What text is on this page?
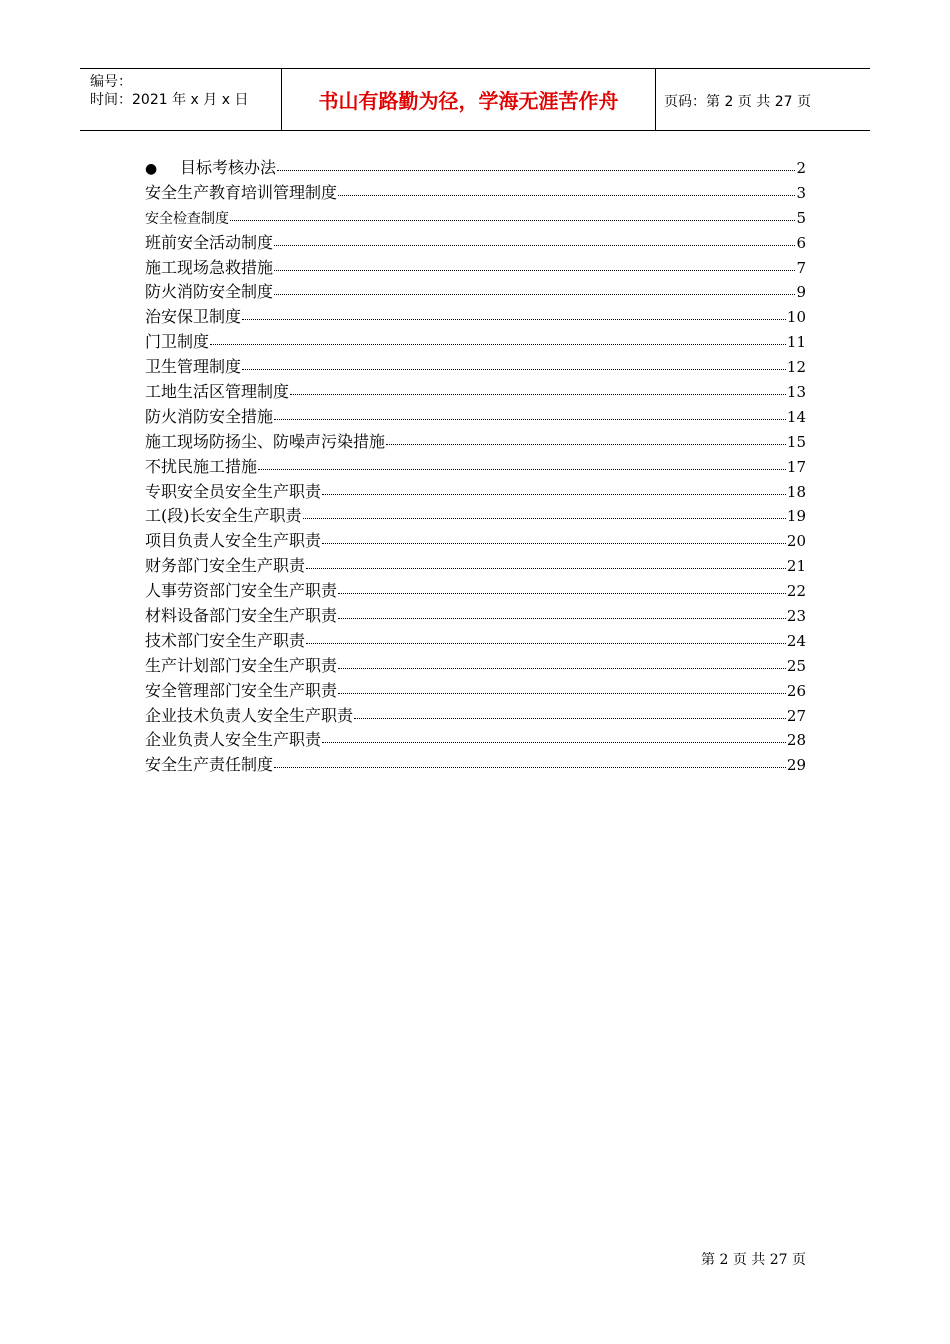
编号：
时间：2021 年 x 月 x 日	书山有路勤为径，学海无涯苦作舟	页码：第 2 页 共 27 页
●	目标考核办法	2
安全生产教育培训管理制度	3
安全检查制度	5
班前安全活动制度	6
施工现场急救措施	7
防火消防安全制度	9
治安保卫制度	10
门卫制度	11
卫生管理制度	12
工地生活区管理制度	13
防火消防安全措施	14
施工现场防扬尘、防噪声污染措施	15
不扰民施工措施	17
专职安全员安全生产职责	18
工(段)长安全生产职责	19
项目负责人安全生产职责	20
财务部门安全生产职责	21
人事劳资部门安全生产职责	22
材料设备部门安全生产职责	23
技术部门安全生产职责	24
生产计划部门安全生产职责	25
安全管理部门安全生产职责	26
企业技术负责人安全生产职责	27
企业负责人安全生产职责	28
安全生产责任制度	29
第 2 页 共 27 页
